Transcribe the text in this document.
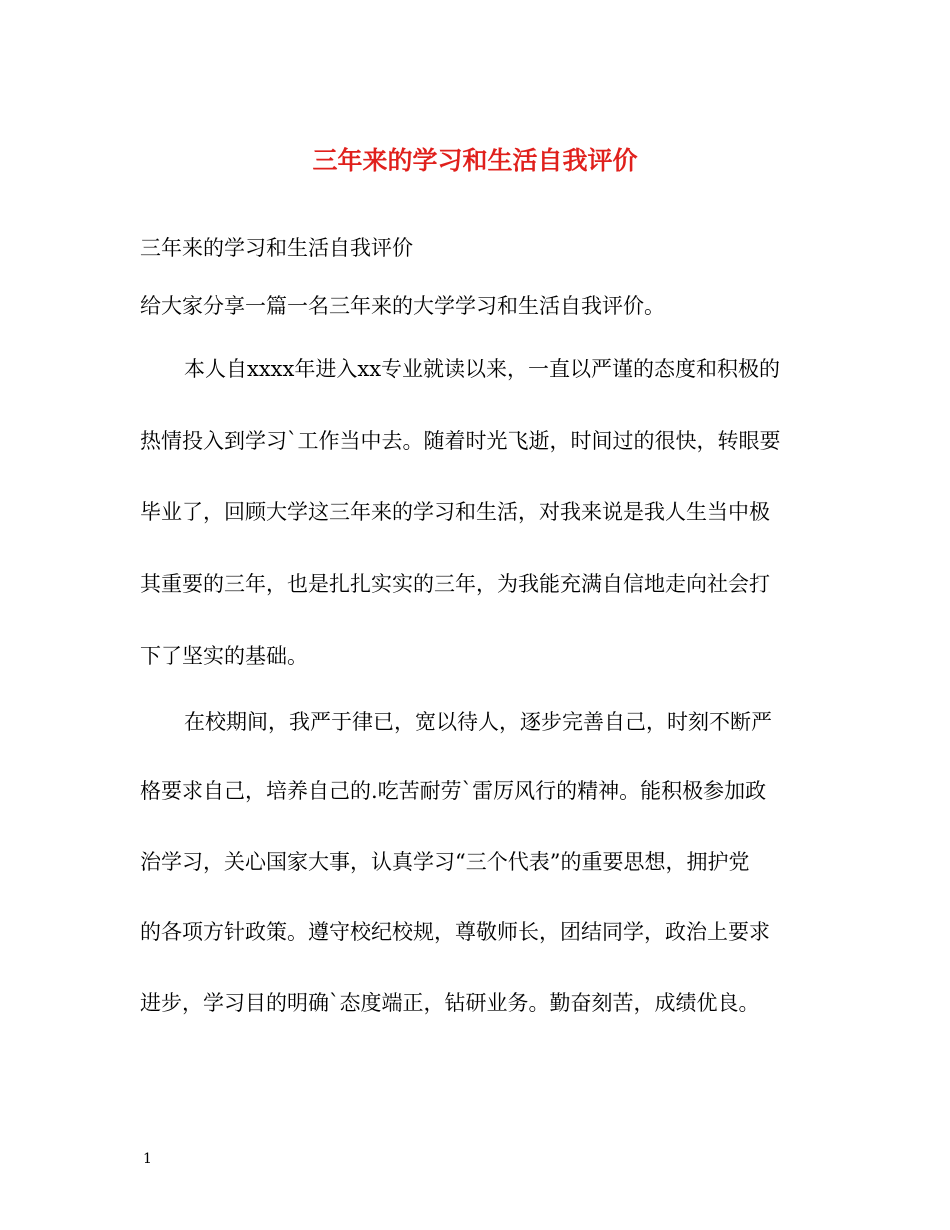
三年来的学习和生活自我评价
三年来的学习和生活自我评价
给大家分享一篇一名三年来的大学学习和生活自我评价。
本人自xxxx年进入xx专业就读以来，一直以严谨的态度和积极的
热情投入到学习`工作当中去。随着时光飞逝，时间过的很快，转眼要
毕业了，回顾大学这三年来的学习和生活，对我来说是我人生当中极
其重要的三年，也是扎扎实实的三年，为我能充满自信地走向社会打
下了坚实的基础。
在校期间，我严于律已，宽以待人，逐步完善自己，时刻不断严
格要求自己，培养自己的.吃苦耐劳`雷厉风行的精神。能积极参加政
治学习，关心国家大事，认真学习“三个代表”的重要思想，拥护党
的各项方针政策。遵守校纪校规，尊敬师长，团结同学，政治上要求
进步，学习目的明确`态度端正，钻研业务。勤奋刻苦，成绩优良。
1
